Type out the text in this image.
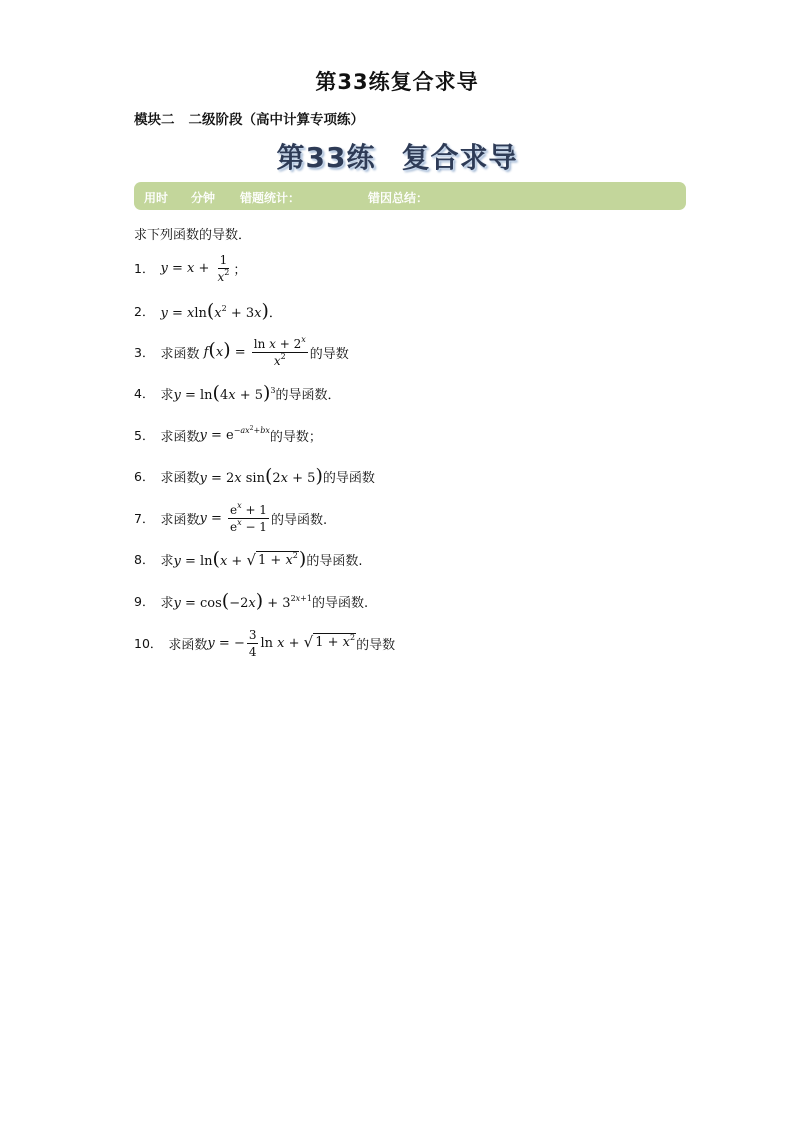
第33练复合求导
模块二 二级阶段（高中计算专项练）
第33练 复合求导
用时 分钟 错题统计：	错因总结：
求下列函数的导数．
1． $y = x + \frac{1}{x^2}$ ；
2． $y = xln(x^2 + 3x)$ ．
3． 求函数 $f(x) = \frac{\ln x + 2^x}{x^2}$ 的导数
4． 求 $y = \ln(4x + 5)^3$ 的导函数．
5． 求函数 $y = e^{-ax^2+bx}$ 的导数；
6． 求函数 y = 2x sin(2x + 5) 的导函数
7． 求函数 $y = \frac{e^x + 1}{e^x - 1}$ 的导函数.
8． 求 y = ln(x + √ $1 + x^2$ ) 的导函数.
9． 求 $y = \cos(-2x) + 3^{2x+1}$ 的导函数.
10． 求函数 y = − $\frac{3}{4}$ ln x + √ $1 + x^2$
的导数
